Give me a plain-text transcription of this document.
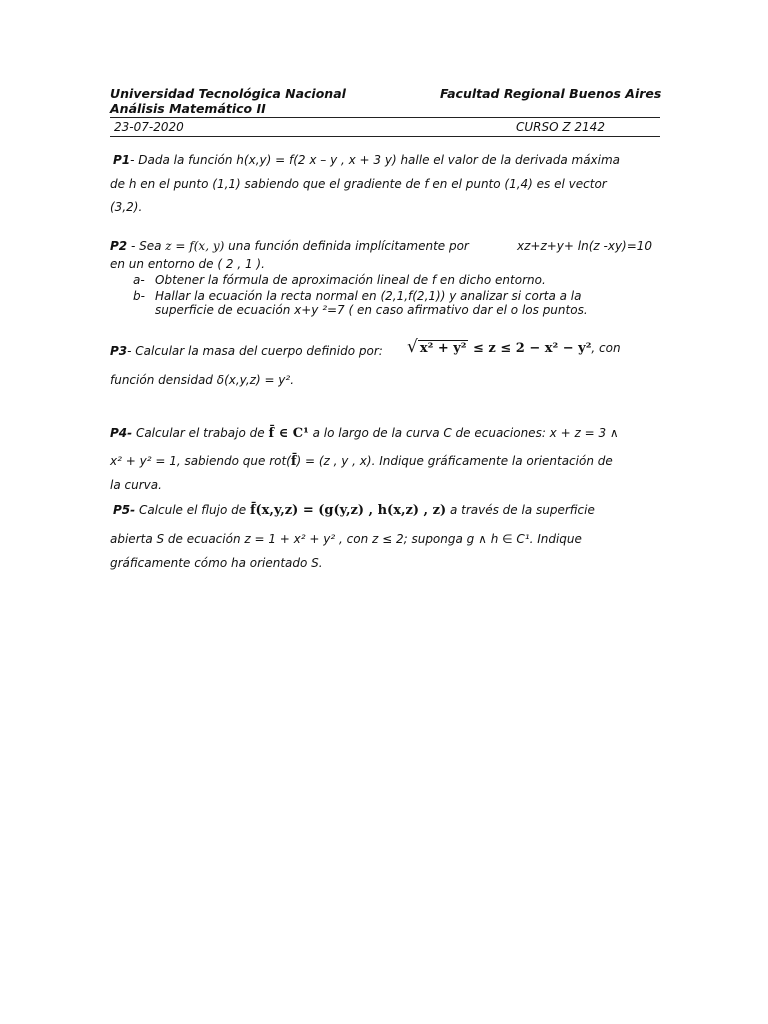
Universidad Tecnológica Nacional	Facultad Regional Buenos Aires
Análisis Matemático II
23-07-2020	CURSO Z 2142
P1- Dada la función h(x,y) = f(2 x – y , x + 3 y) halle el valor de la derivada máxima
de h en el punto (1,1) sabiendo que el gradiente de f en el punto (1,4) es el vector
(3,2).
P2 - Sea z = f(x, y) una función definida implícitamente por	xz+z+y+ ln(z -xy)=10
en un entorno de ( 2 , 1 ).
a- Obtener la fórmula de aproximación lineal de f en dicho entorno.
b- Hallar la ecuación la recta normal en (2,1,f(2,1)) y analizar si corta a la
superficie de ecuación x+y ²=7 ( en caso afirmativo dar el o los puntos.
P3- Calcular la masa del cuerpo definido por: √ x² + y² ≤ z ≤ 2 − x² − y², con
función densidad δ(x,y,z) = y².
P4- Calcular el trabajo de f̄ ∈ C¹ a lo largo de la curva C de ecuaciones: x + z = 3 ∧
x² + y² = 1, sabiendo que rot(f̄) = (z , y , x). Indique gráficamente la orientación de
la curva.
P5- Calcule el flujo de f̄(x,y,z) = (g(y,z) , h(x,z) , z) a través de la superficie
abierta S de ecuación z = 1 + x² + y² , con z ≤ 2; suponga g ∧ h ∈ C¹. Indique
gráficamente cómo ha orientado S.
